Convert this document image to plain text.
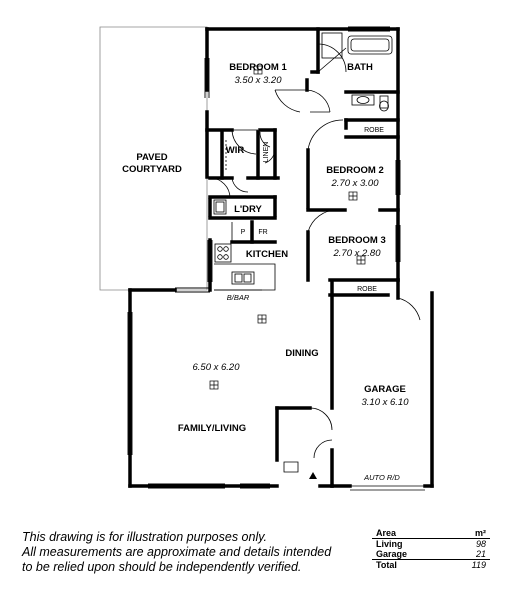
PAVED
COURTYARD
BEDROOM 1
3.50 x 3.20
BATH
WIR	LINEN
ROBE
BEDROOM 2
2.70 x 3.00
L'DRY
P FR
KITCHEN
BEDROOM 3
2.70 x 2.80
ROBE
B/BAR
6.50 x 6.20
DINING
GARAGE
3.10 x 6.10
FAMILY/LIVING
AUTO R/D
This drawing is for illustration purposes only.
All measurements are approximate and details intended
to be relied upon should be independently verified.
Area	m²
Living	98
Garage	21
Total	119
